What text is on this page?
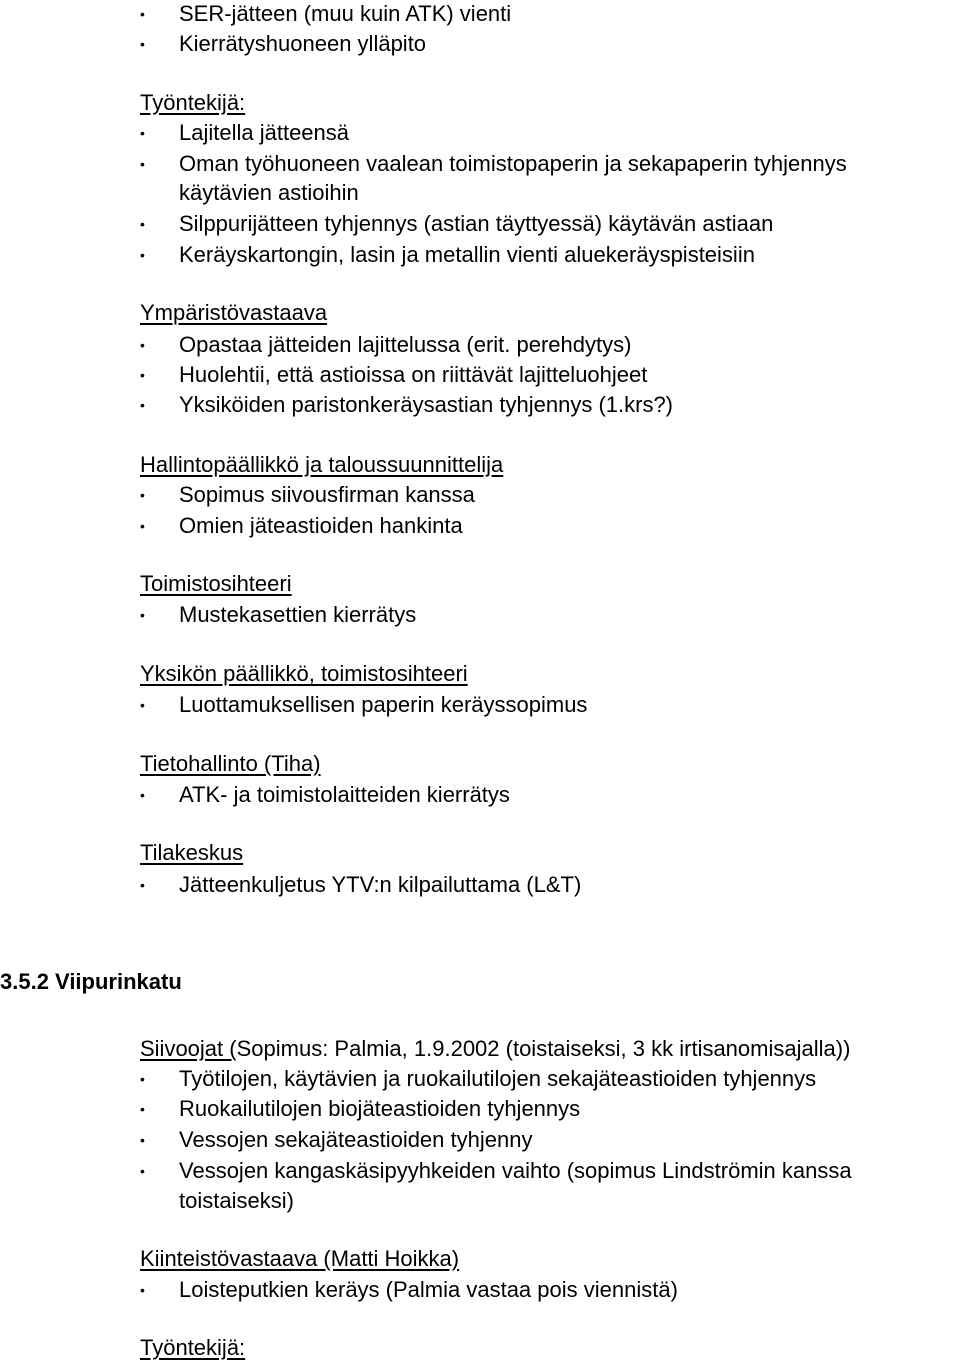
•	SER-jätteen (muu kuin ATK) vienti
•	Kierrätyshuoneen ylläpito
Työntekijä:
•	Lajitella jätteensä
•	Oman työhuoneen vaalean toimistopaperin ja sekapaperin tyhjennys
käytävien astioihin
•	Silppurijätteen tyhjennys (astian täyttyessä) käytävän astiaan
•	Keräyskartongin, lasin ja metallin vienti aluekeräyspisteisiin
Ympäristövastaava
•	Opastaa jätteiden lajittelussa (erit. perehdytys)
•	Huolehtii, että astioissa on riittävät lajitteluohjeet
•	Yksiköiden paristonkeräysastian tyhjennys (1.krs?)
Hallintopäällikkö ja taloussuunnittelija
•	Sopimus siivousfirman kanssa
•	Omien jäteastioiden hankinta
Toimistosihteeri
•	Mustekasettien kierrätys
Yksikön päällikkö, toimistosihteeri
•	Luottamuksellisen paperin keräyssopimus
Tietohallinto (Tiha)
•	ATK- ja toimistolaitteiden kierrätys
Tilakeskus
•	Jätteenkuljetus YTV:n kilpailuttama (L&T)
3.5.2 Viipurinkatu
Siivoojat (Sopimus: Palmia, 1.9.2002 (toistaiseksi, 3 kk irtisanomisajalla))
•	Työtilojen, käytävien ja ruokailutilojen sekajäteastioiden tyhjennys
•	Ruokailutilojen biojäteastioiden tyhjennys
•	Vessojen sekajäteastioiden tyhjenny
•	Vessojen kangaskäsipyyhkeiden vaihto (sopimus Lindströmin kanssa
toistaiseksi)
Kiinteistövastaava (Matti Hoikka)
•	Loisteputkien keräys (Palmia vastaa pois viennistä)
Työntekijä:
